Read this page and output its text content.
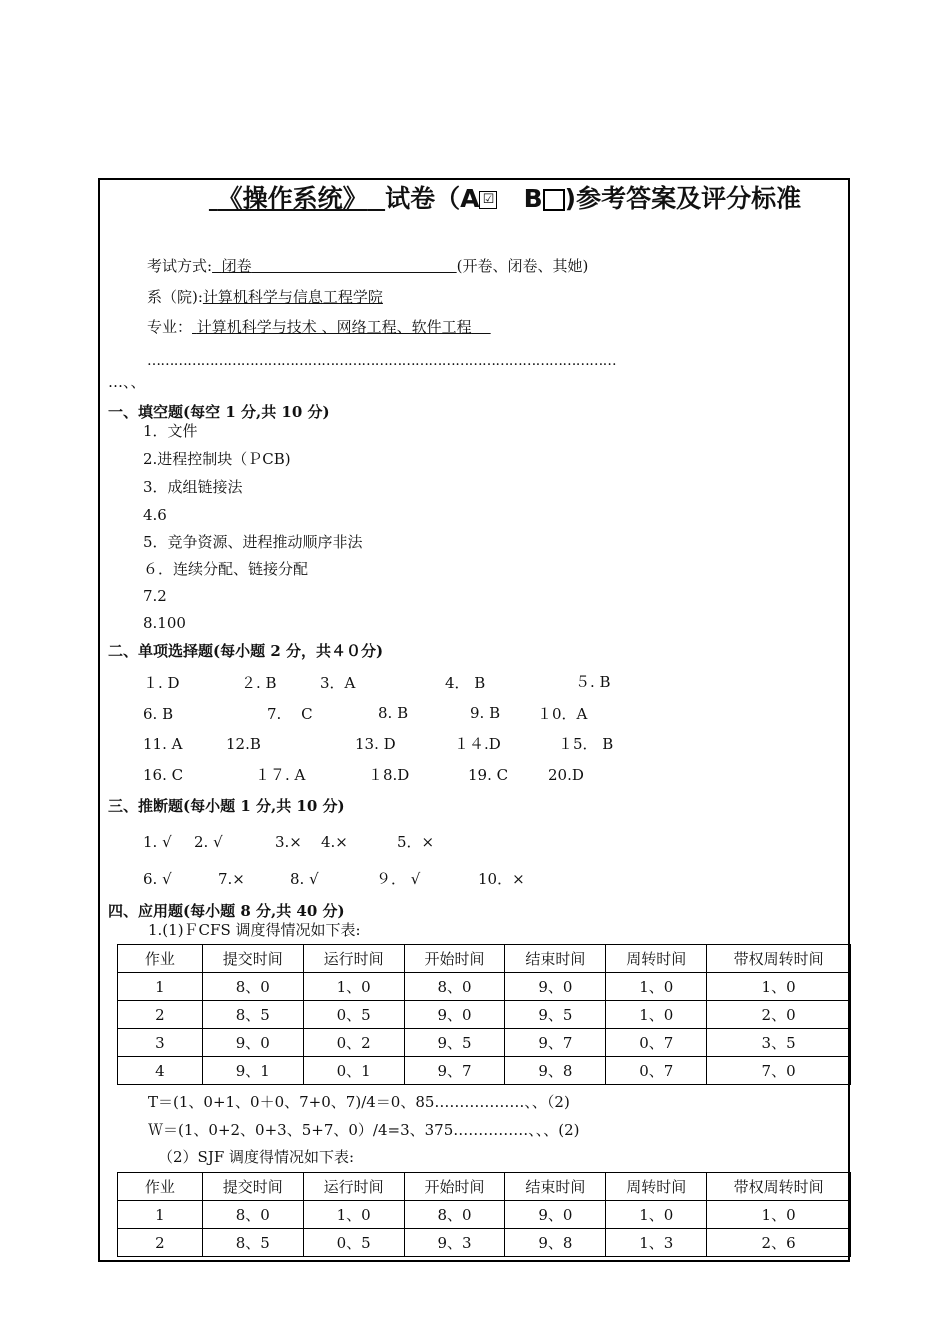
《操作系统》 试卷（A ☑ B )参考答案及评分标准
考试方式: 闭卷	(开卷、闭卷、其她)
系（院):计算机科学与信息工程学院
专业： 计算机科学与技术 、网络工程、软件工程
……………………………………………………………………………………………
…、、
一、填空题(每空 1 分,共 10 分)
1．文件
2.进程控制块（ＰCB)
3．成组链接法
4.6
5．竞争资源、进程推动顺序非法
６．连续分配、链接分配
7.2
8.100
二、单项选择题(每小题 2 分，共４０分)
１. D	２. B	3．A	4． B	５. B
6. B	7.　 C	8. B	9. B １0．A
11. A	12.B	13. D	１４.D	１5． B
16. C	１７. A	１8.D	19. C	20.D
三、推断题(每小题 1 分,共 10 分)
1. √ 2. √	3.× 4.×	5．×
6. √	7.×	8. √	９． √	10．×
四、应用题(每小题 8 分,共 40 分)
1.(1)ＦCFS 调度得情况如下表:
作业	提交时间	运行时间	开始时间	结束时间	周转时间	带权周转时间
1	8、0	1、0	8、0	9、0	1、0	1、0
2	8、5	0、5	9、0	9、5	1、0	2、0
3	9、0	0、2	9、5	9、7	0、7	3、5
4	9、1	0、1	9、7	9、8	0、7	7、0
T＝(1、0+1、0＋0、7+0、7)/4＝0、85………………、、（2)
Ｗ＝(1、0+2、0+3、5+7、0）/4=3、375……………、、、(2)
（2）SJF 调度得情况如下表:
作业	提交时间	运行时间	开始时间	结束时间	周转时间	带权周转时间
1	8、0	1、0	8、0	9、0	1、0	1、0
2	8、5	0、5	9、3	9、8	1、3	2、6
